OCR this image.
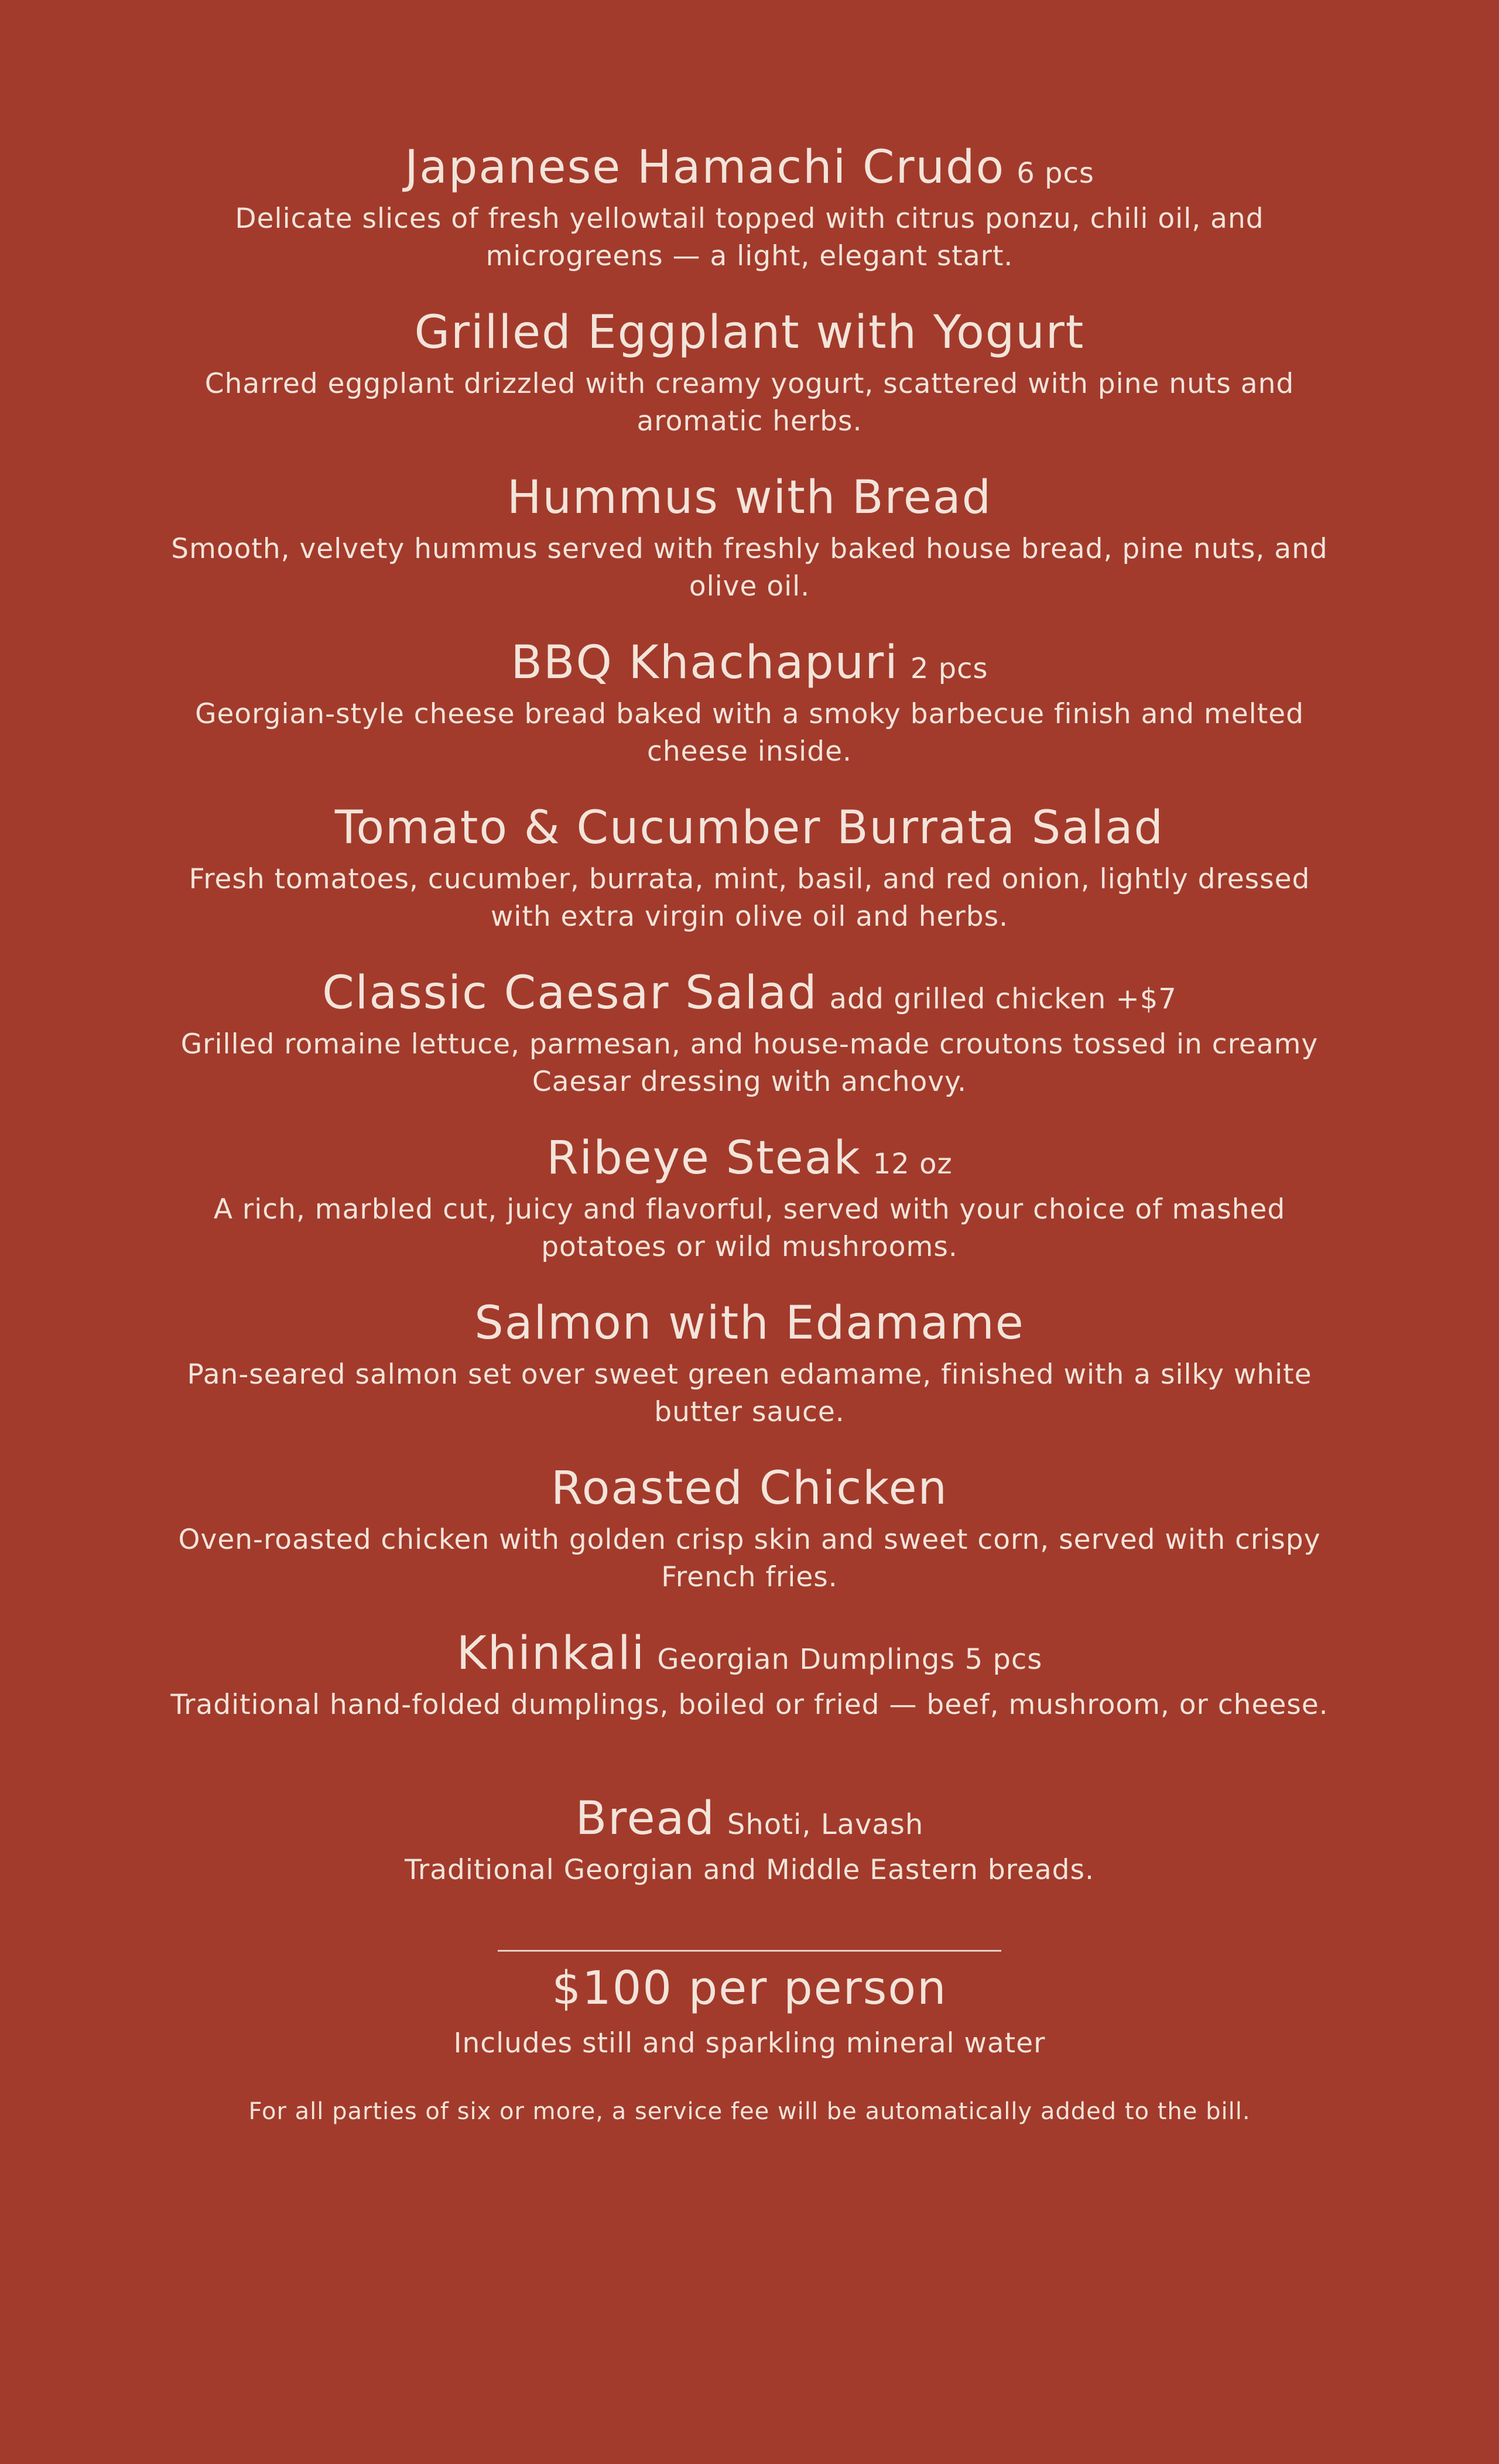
Japanese Hamachi Crudo 6 pcs
Delicate slices of fresh yellowtail topped with citrus ponzu, chili oil, and microgreens — a light, elegant start.
Grilled Eggplant with Yogurt
Charred eggplant drizzled with creamy yogurt, scattered with pine nuts and aromatic herbs.
Hummus with Bread
Smooth, velvety hummus served with freshly baked house bread, pine nuts, and olive oil.
BBQ Khachapuri 2 pcs
Georgian-style cheese bread baked with a smoky barbecue finish and melted cheese inside.
Tomato & Cucumber Burrata Salad
Fresh tomatoes, cucumber, burrata, mint, basil, and red onion, lightly dressed with extra virgin olive oil and herbs.
Classic Caesar Salad add grilled chicken +$7
Grilled romaine lettuce, parmesan, and house-made croutons tossed in creamy Caesar dressing with anchovy.
Ribeye Steak 12 oz
A rich, marbled cut, juicy and flavorful, served with your choice of mashed potatoes or wild mushrooms.
Salmon with Edamame
Pan-seared salmon set over sweet green edamame, finished with a silky white butter sauce.
Roasted Chicken
Oven-roasted chicken with golden crisp skin and sweet corn, served with crispy French fries.
Khinkali Georgian Dumplings 5 pcs
Traditional hand-folded dumplings, boiled or fried — beef, mushroom, or cheese.
Bread Shoti, Lavash
Traditional Georgian and Middle Eastern breads.
$100 per person
Includes still and sparkling mineral water
For all parties of six or more, a service fee will be automatically added to the bill.
